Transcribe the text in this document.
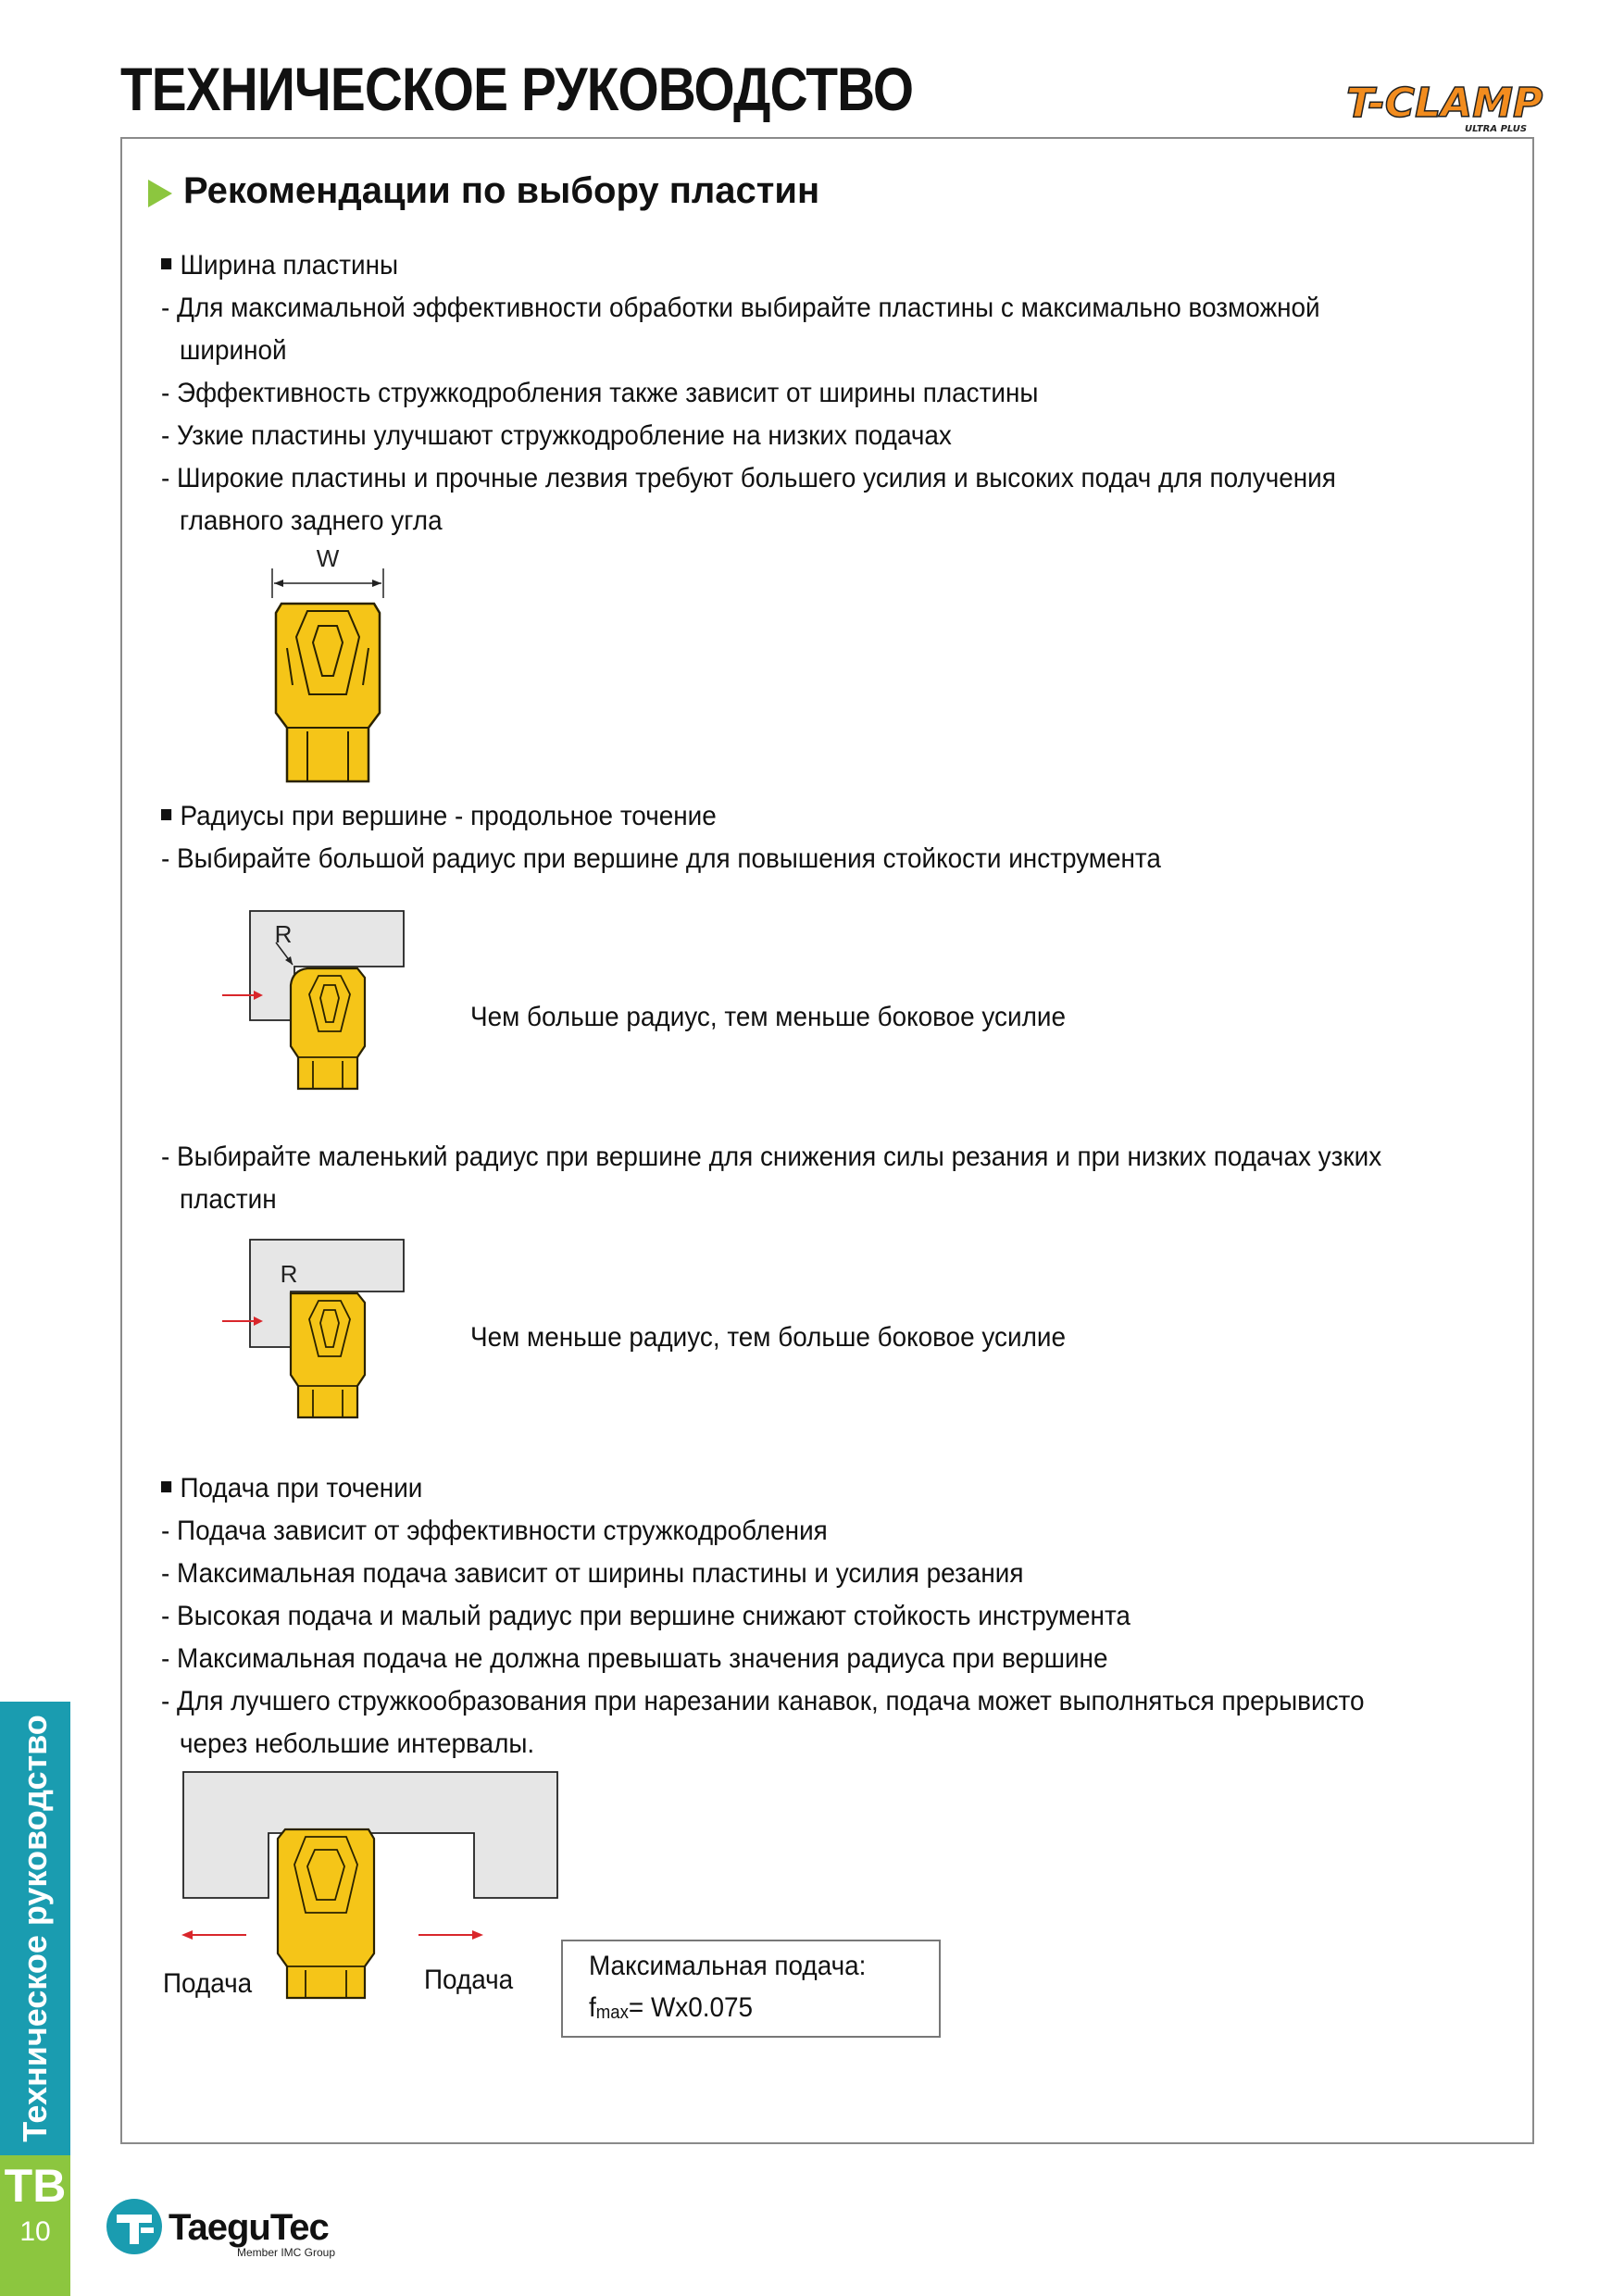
ТЕХНИЧЕСКОЕ РУКОВОДСТВО	T-CLAMP
ULTRA PLUS
Рекомендации по выбору пластин
Ширина пластины
- Для максимальной эффективности обработки выбирайте пластины с максимально возможной
шириной
- Эффективность стружкодробления также зависит от ширины пластины
- Узкие пластины улучшают стружкодробление на низких подачах
- Широкие пластины и прочные лезвия требуют большего усилия и высоких подач для получения
главного заднего угла
W
Радиусы при вершине - продольное точение
- Выбирайте большой радиус при вершине для повышения стойкости инструмента
R
Чем больше радиус, тем меньше боковое усилие
- Выбирайте маленький радиус при вершине для снижения силы резания и при низких подачах узких
пластин
R
Чем меньше радиус, тем больше боковое усилие
Подача при точении
- Подача зависит от эффективности стружкодробления
- Максимальная подача зависит от ширины пластины и усилия резания
- Высокая подача и малый радиус при вершине снижают стойкость инструмента
- Максимальная подача не должна превышать значения радиуса при вершине
- Для лучшего стружкообразования при нарезании канавок, подача может выполняться прерывисто
через небольшие интервалы.
Подача	Подача	Максимальная подача:
$f_{max}= Wx0.075$
Техническое руководство
TB
10	TaeguTec
Member IMC Group
